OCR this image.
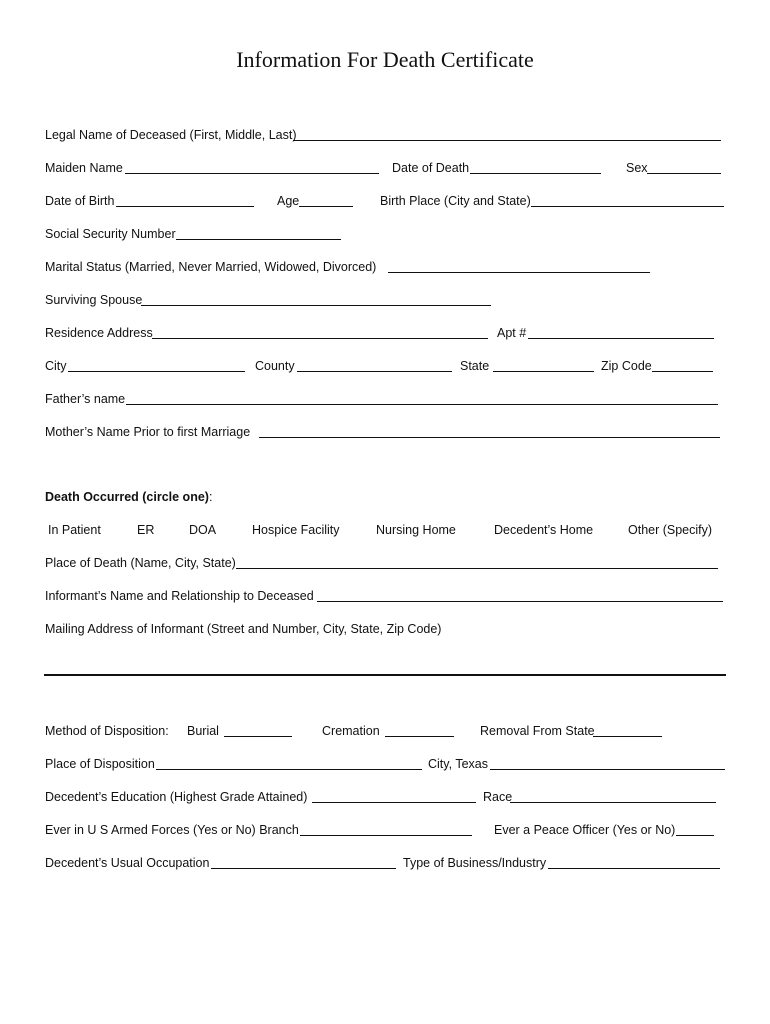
Information For Death Certificate
Legal Name of Deceased (First, Middle, Last)
Maiden Name	Date of Death	Sex
Date of Birth	Age	Birth Place (City and State)
Social Security Number
Marital Status (Married, Never Married, Widowed, Divorced)
Surviving Spouse
Residence Address	Apt #
City	County	State	Zip Code
Father’s name
Mother’s Name Prior to first Marriage
Death Occurred (circle one):
In Patient	ER	DOA	Hospice Facility	Nursing Home	Decedent’s Home	Other (Specify)
Place of Death (Name, City, State)
Informant’s Name and Relationship to Deceased
Mailing Address of Informant (Street and Number, City, State, Zip Code)
Method of Disposition: Burial	Cremation	Removal From State
Place of Disposition	City, Texas
Decedent’s Education (Highest Grade Attained)	Race
Ever in U S Armed Forces (Yes or No) Branch	Ever a Peace Officer (Yes or No)
Decedent’s Usual Occupation	Type of Business/Industry
